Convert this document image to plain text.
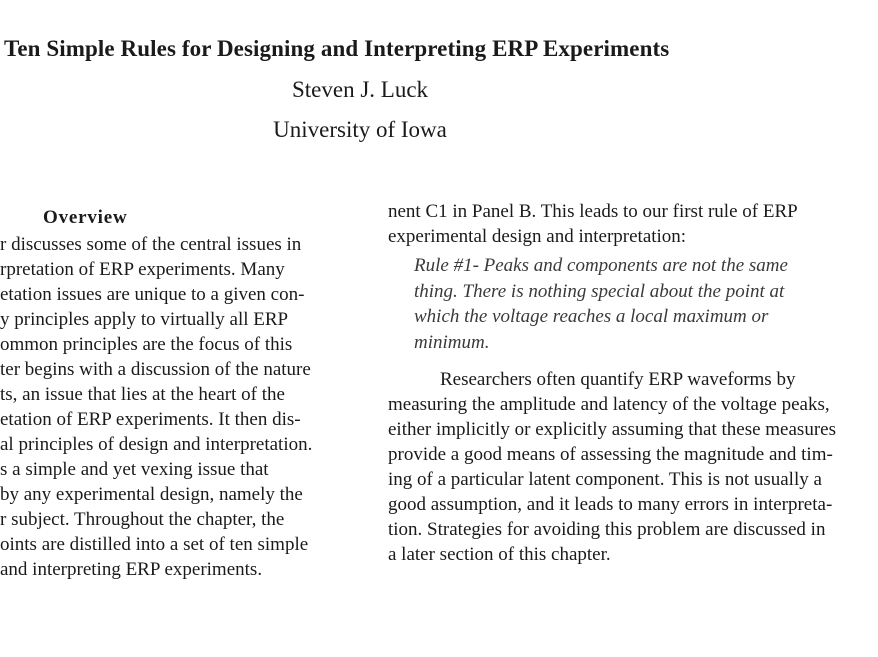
Ten Simple Rules for Designing and Interpreting ERP Experiments
Steven J. Luck
University of Iowa
Overview
r discusses some of the central issues in
rpretation of ERP experiments. Many
etation issues are unique to a given con-
y principles apply to virtually all ERP
ommon principles are the focus of this
ter begins with a discussion of the nature
ts, an issue that lies at the heart of the
etation of ERP experiments. It then dis-
al principles of design and interpretation.
s a simple and yet vexing issue that
by any experimental design, namely the
r subject. Throughout the chapter, the
oints are distilled into a set of ten simple
and interpreting ERP experiments.
nent C1 in Panel B. This leads to our first rule of ERP
experimental design and interpretation:
Rule #1- Peaks and components are not the same
thing. There is nothing special about the point at
which the voltage reaches a local maximum or
minimum.
Researchers often quantify ERP waveforms by
measuring the amplitude and latency of the voltage peaks,
either implicitly or explicitly assuming that these measures
provide a good means of assessing the magnitude and tim-
ing of a particular latent component. This is not usually a
good assumption, and it leads to many errors in interpreta-
tion. Strategies for avoiding this problem are discussed in
a later section of this chapter.
